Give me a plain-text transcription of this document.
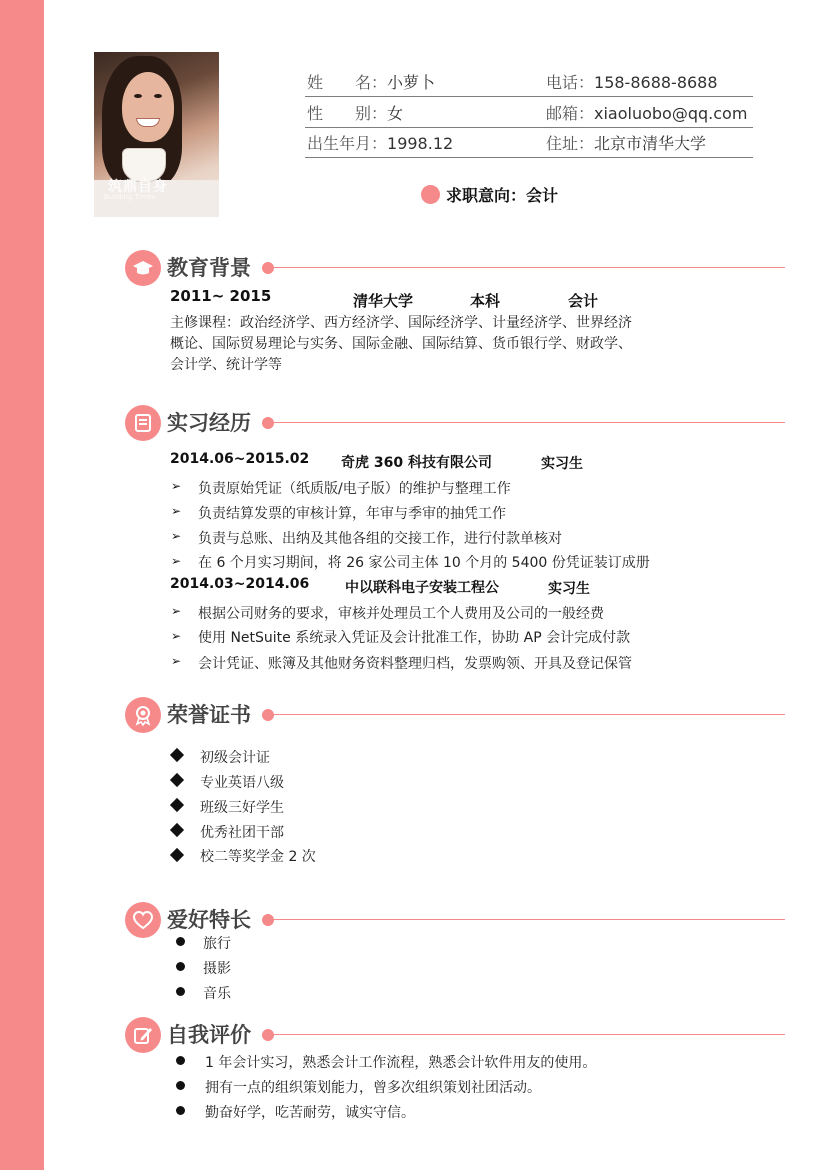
筑鼎自身
Building Times
姓　　名：小萝卜	电话：158-8688-8688
性　　别：女	邮箱：xiaoluobo@qq.com
出生年月：1998.12	住址：北京市清华大学
求职意向：会计
教育背景
2011~ 2015	清华大学	本科	会计
主修课程：政治经济学、西方经济学、国际经济学、计量经济学、世界经济概论、国际贸易理论与实务、国际金融、国际结算、货币银行学、财政学、会计学、统计学等
实习经历
2014.06~2015.02 奇虎 360 科技有限公司	实习生
➢ 负责原始凭证（纸质版/电子版）的维护与整理工作
➢ 负责结算发票的审核计算，年审与季审的抽凭工作
➢ 负责与总账、出纳及其他各组的交接工作，进行付款单核对
➢ 在 6 个月实习期间，将 26 家公司主体 10 个月的 5400 份凭证装订成册
2014.03~2014.06	中以联科电子安装工程公	实习生
➢ 根据公司财务的要求，审核并处理员工个人费用及公司的一般经费
➢ 使用 NetSuite 系统录入凭证及会计批准工作，协助 AP 会计完成付款
➢ 会计凭证、账簿及其他财务资料整理归档，发票购领、开具及登记保管
荣誉证书
初级会计证
专业英语八级
班级三好学生
优秀社团干部
校二等奖学金 2 次
爱好特长
旅行
摄影
音乐
自我评价
1 年会计实习，熟悉会计工作流程，熟悉会计软件用友的使用。
拥有一点的组织策划能力，曾多次组织策划社团活动。
勤奋好学，吃苦耐劳，诚实守信。
